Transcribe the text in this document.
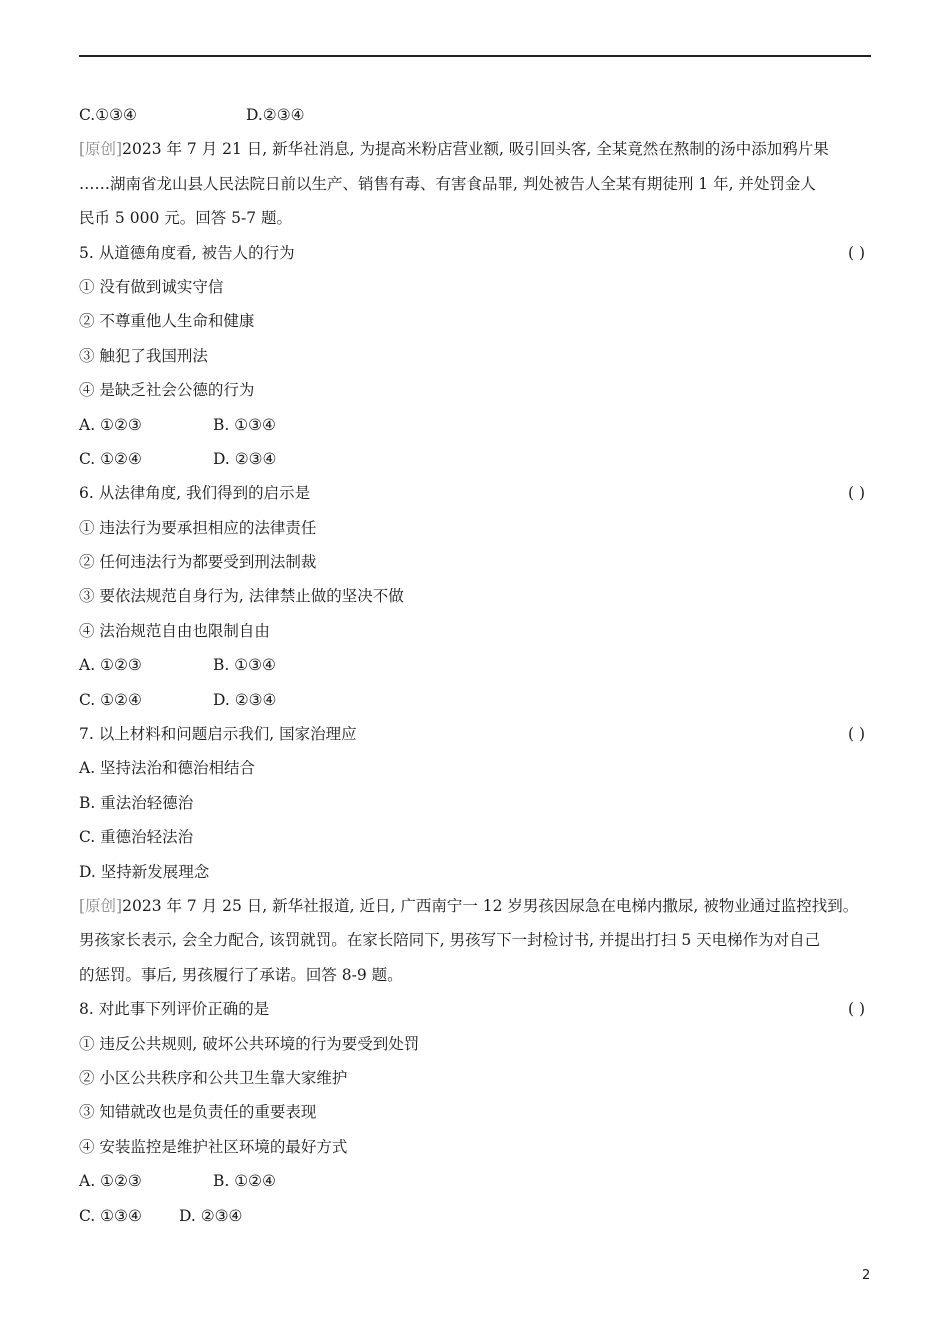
C.①③④	D.②③④
[原创]2023 年 7 月 21 日, 新华社消息, 为提高米粉店营业额, 吸引回头客, 全某竟然在熬制的汤中添加鸦片果
……湖南省龙山县人民法院日前以生产、销售有毒、有害食品罪, 判处被告人全某有期徒刑 1 年, 并处罚金人
民币 5 000 元。回答 5-7 题。
5. 从道德角度看, 被告人的行为	( )
① 没有做到诚实守信
② 不尊重他人生命和健康
③ 触犯了我国刑法
④ 是缺乏社会公德的行为
A. ①②③	B. ①③④
C. ①②④	D. ②③④
6. 从法律角度, 我们得到的启示是	( )
① 违法行为要承担相应的法律责任
② 任何违法行为都要受到刑法制裁
③ 要依法规范自身行为, 法律禁止做的坚决不做
④ 法治规范自由也限制自由
A. ①②③	B. ①③④
C. ①②④	D. ②③④
7. 以上材料和问题启示我们, 国家治理应	( )
A. 坚持法治和德治相结合
B. 重法治轻德治
C. 重德治轻法治
D. 坚持新发展理念
[原创]2023 年 7 月 25 日, 新华社报道, 近日, 广西南宁一 12 岁男孩因尿急在电梯内撒尿, 被物业通过监控找到。
男孩家长表示, 会全力配合, 该罚就罚。在家长陪同下, 男孩写下一封检讨书, 并提出打扫 5 天电梯作为对自己
的惩罚。事后, 男孩履行了承诺。回答 8-9 题。
8. 对此事下列评价正确的是	( )
① 违反公共规则, 破坏公共环境的行为要受到处罚
② 小区公共秩序和公共卫生靠大家维护
③ 知错就改也是负责任的重要表现
④ 安装监控是维护社区环境的最好方式
A. ①②③	B. ①②④
C. ①③④ D. ②③④
2
